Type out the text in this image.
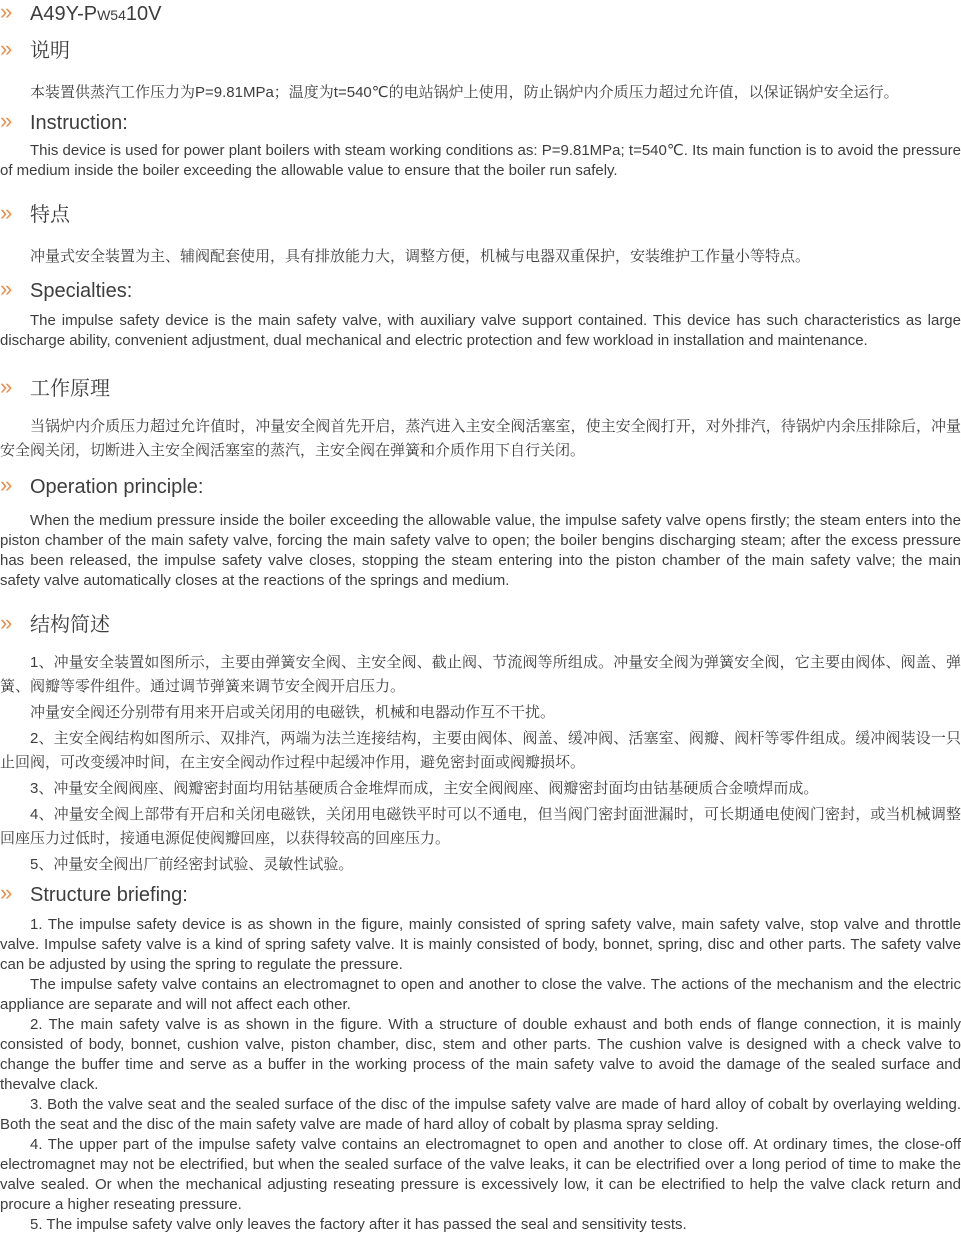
» A49Y-PW5410V
» 说明

本装置供蒸汽工作压力为P=9.81MPa；温度为t=540℃的电站锅炉上使用，防止锅炉内介质压力超过允许值，以保证锅炉安全运行。

» Instruction:

This device is used for power plant boilers with steam working conditions as: P=9.81MPa; t=540℃. Its main function is to avoid the pressure of medium inside the boiler exceeding the allowable value to ensure that the boiler run safely.

» 特点

冲量式安全装置为主、辅阀配套使用，具有排放能力大，调整方便，机械与电器双重保护，安装维护工作量小等特点。

» Specialties:

The impulse safety device is the main safety valve, with auxiliary valve support contained. This device has such characteristics as large discharge ability, convenient adjustment, dual mechanical and electric protection and few workload in installation and maintenance.

» 工作原理

当锅炉内介质压力超过允许值时，冲量安全阀首先开启，蒸汽进入主安全阀活塞室，使主安全阀打开，对外排汽，待锅炉内余压排除后，冲量安全阀关闭，切断进入主安全阀活塞室的蒸汽，主安全阀在弹簧和介质作用下自行关闭。

» Operation principle:

When the medium pressure inside the boiler exceeding the allowable value, the impulse safety valve opens firstly; the steam enters into the piston chamber of the main safety valve, forcing the main safety valve to open; the boiler bengins discharging steam; after the excess pressure has been released, the impulse safety valve closes, stopping the steam entering into the piston chamber of the main safety valve; the main safety valve automatically closes at the reactions of the springs and medium.

» 结构简述

1、冲量安全装置如图所示，主要由弹簧安全阀、主安全阀、截止阀、节流阀等所组成。冲量安全阀为弹簧安全阀，它主要由阀体、阀盖、弹簧、阀瓣等零件组件。通过调节弹簧来调节安全阀开启压力。

冲量安全阀还分别带有用来开启或关闭用的电磁铁，机械和电器动作互不干扰。

2、主安全阀结构如图所示、双排汽，两端为法兰连接结构，主要由阀体、阀盖、缓冲阀、活塞室、阀瓣、阀杆等零件组成。缓冲阀装设一只止回阀，可改变缓冲时间，在主安全阀动作过程中起缓冲作用，避免密封面或阀瓣损坏。

3、冲量安全阀阀座、阀瓣密封面均用钴基硬质合金堆焊而成，主安全阀阀座、阀瓣密封面均由钴基硬质合金喷焊而成。

4、冲量安全阀上部带有开启和关闭电磁铁，关闭用电磁铁平时可以不通电，但当阀门密封面泄漏时，可长期通电使阀门密封，或当机械调整回座压力过低时，接通电源促使阀瓣回座，以获得较高的回座压力。

5、冲量安全阀出厂前经密封试验、灵敏性试验。

» Structure briefing:

1. The impulse safety device is as shown in the figure, mainly consisted of spring safety valve, main safety valve, stop valve and throttle valve. Impulse safety valve is a kind of spring safety valve. It is mainly consisted of body, bonnet, spring, disc and other parts. The safety valve can be adjusted by using the spring to regulate the pressure.

The impulse safety valve contains an electromagnet to open and another to close the valve. The actions of the mechanism and the electric appliance are separate and will not affect each other.

2. The main safety valve is as shown in the figure. With a structure of double exhaust and both ends of flange connection, it is mainly consisted of body, bonnet, cushion valve, piston chamber, disc, stem and other parts. The cushion valve is designed with a check valve to change the buffer time and serve as a buffer in the working process of the main safety valve to avoid the damage of the sealed surface and thevalve clack.

3. Both the valve seat and the sealed surface of the disc of the impulse safety valve are made of hard alloy of cobalt by overlaying welding. Both the seat and the disc of the main safety valve are made of hard alloy of cobalt by plasma spray selding.

4. The upper part of the impulse safety valve contains an electromagnet to open and another to close off. At ordinary times, the close-off electromagnet may not be electrified, but when the sealed surface of the valve leaks, it can be electrified over a long period of time to make the valve sealed. Or when the mechanical adjusting reseating pressure is excessively low, it can be electrified to help the valve clack return and procure a higher reseating pressure.

5. The impulse safety valve only leaves the factory after it has passed the seal and sensitivity tests.
